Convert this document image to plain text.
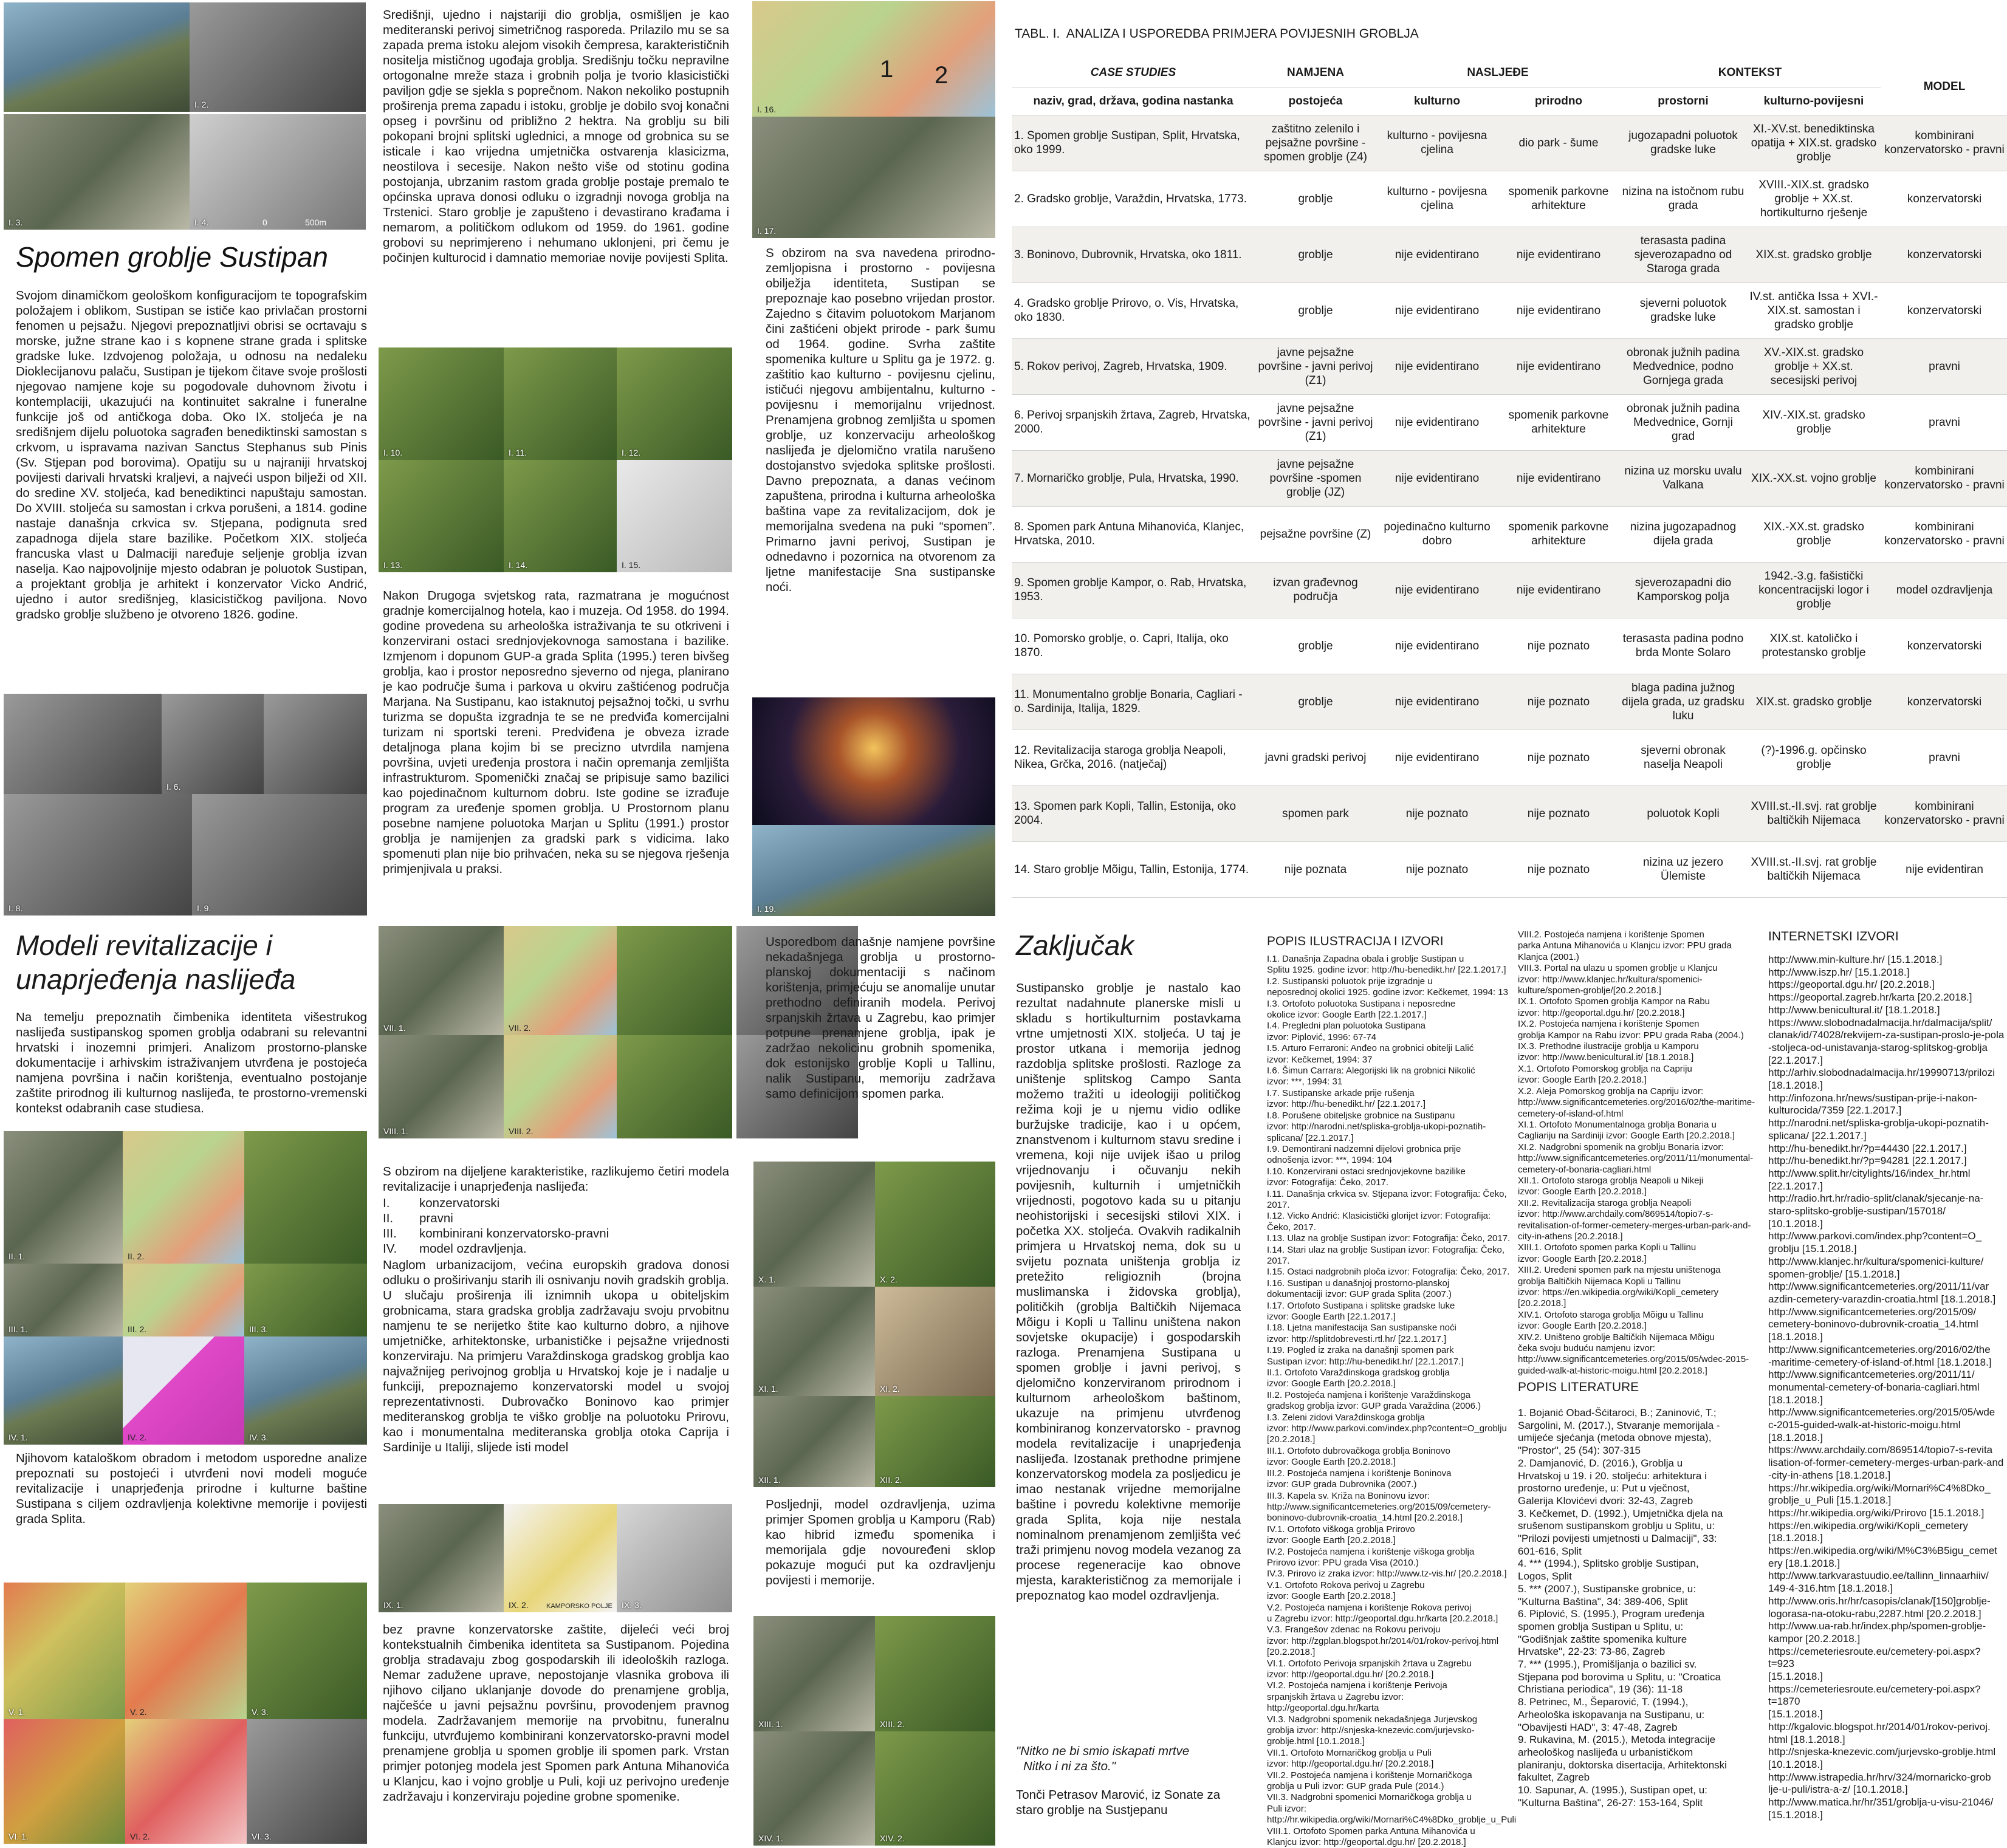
I. 2.
I. 3.	I. 4.	0                500m
Spomen groblje Sustipan
Svojom dinamičkom geološkom konfiguracijom te topografskim položajem i oblikom, Sustipan se ističe kao privlačan prostorni fenomen u pejsažu. Njegovi prepoznatljivi obrisi se ocrtavaju s morske, južne strane kao i s kopnene strane grada i splitske gradske luke. Izdvojenog položaja, u odnosu na nedaleku Dioklecijanovu palaču, Sustipan je tijekom čitave svoje prošlosti njegovao namjene koje su pogodovale duhovnom životu i kontemplaciji, ukazujući na kontinuitet sakralne i funeralne funkcije još od antičkoga doba. Oko IX. stoljeća je na središnjem dijelu poluotoka sagrađen benediktinski samostan s crkvom, u ispravama nazivan Sanctus Stephanus sub Pinis (Sv. Stjepan pod borovima). Opatiju su u najraniji hrvatskoj povijesti darivali hrvatski kraljevi, a najveći uspon bilježi od XII. do sredine XV. stoljeća, kad benediktinci napuštaju samostan. Do XVIII. stoljeća su samostan i crkva porušeni, a 1814. godine nastaje današnja crkvica sv. Stjepana, podignuta sred zapadnoga dijela stare bazilike. Početkom XIX. stoljeća francuska vlast u Dalmaciji naređuje seljenje groblja izvan naselja. Kao najpovoljnije mjesto odabran je poluotok Sustipan, a projektant groblja je arhitekt i konzervator Vicko Andrić, ujedno i autor središnjeg, klasicističkog paviljona. Novo gradsko groblje službeno je otvoreno 1826. godine.
I. 6.
I. 8.	I. 9.
Modeli revitalizacije i
unaprjeđenja naslijeđa
Na temelju prepoznatih čimbenika identiteta višestrukog naslijeđa sustipanskog spomen groblja odabrani su relevantni hrvatski i inozemni primjeri. Analizom prostorno-planske dokumentacije i arhivskim istraživanjem utvrđena je postojeća namjena površina i način korištenja, eventualno postojanje zaštite prirodnog ili kulturnog naslijeđa, te prostorno-vremenski kontekst odabranih case studiesa.
II. 1.	II. 2.
III. 1.	III. 2.	III. 3.
IV. 1.	IV. 2.	IV. 3.
Njihovom kataloškom obradom i metodom usporedne analize prepoznati su postojeći i utvrđeni novi modeli moguće revitalizacije i unaprjeđenja prirodne i kulturne baštine Sustipana s ciljem ozdravljenja kolektivne memorije i povijesti grada Splita.
V. 1.	V. 2.	V. 3.
VI. 1.	VI. 2.	VI. 3.
Središnji, ujedno i najstariji dio groblja, osmišljen je kao mediteranski perivoj simetričnog rasporeda. Prilazilo mu se sa zapada prema istoku alejom visokih čempresa, karakterističnih nositelja mističnog ugođaja groblja. Središnju točku nepravilne ortogonalne mreže staza i grobnih polja je tvorio klasicistički paviljon gdje se sjekla s poprečnom. Nakon nekoliko postupnih proširenja prema zapadu i istoku, groblje je dobilo svoj konačni opseg i površinu od približno 2 hektra. Na groblju su bili pokopani brojni splitski uglednici, a mnoge od grobnica su se isticale i kao vrijedna umjetnička ostvarenja klasicizma, neostilova i secesije. Nakon nešto više od stotinu godina postojanja, ubrzanim rastom grada groblje postaje premalo te općinska uprava donosi odluku o izgradnji novoga groblja na Trstenici. Staro groblje je zapušteno i devastirano krađama i nemarom, a političkom odlukom od 1959. do 1961. godine grobovi su neprimjereno i nehumano uklonjeni, pri čemu je počinjen kulturocid i damnatio memoriae novije povijesti Splita.
I. 10.	I. 11.	I. 12.
I. 13.	I. 14.	I. 15.
Nakon Drugoga svjetskog rata, razmatrana je mogućnost gradnje komercijalnog hotela, kao i muzeja. Od 1958. do 1994. godine provedena su arheološka istraživanja te su otkriveni i konzervirani ostaci srednjovjekovnoga samostana i bazilike. Izmjenom i dopunom GUP-a grada Splita (1995.) teren bivšeg groblja, kao i prostor neposredno sjeverno od njega, planirano je kao područje šuma i parkova u okviru zaštićenog područja Marjana. Na Sustipanu, kao istaknutoj pejsažnoj točki, u svrhu turizma se dopušta izgradnja te se ne predviđa komercijalni turizam ni sportski tereni. Predviđena je obveza izrade detaljnoga plana kojim bi se precizno utvrdila namjena površina, uvjeti uređenja prostora i način opremanja zemljišta infrastrukturom. Spomenički značaj se pripisuje samo bazilici kao pojedinačnom kulturnom dobru. Iste godine se izrađuje program za uređenje spomen groblja. U Prostornom planu posebne namjene poluotoka Marjan u Splitu (1991.) prostor groblja je namijenjen za gradski park s vidicima. Iako spomenuti plan nije bio prihvaćen, neka su se njegova rješenja primjenjivala u praksi.
VII. 1.	VII. 2.
VIII. 1.	VIII. 2.
S obzirom na dijeljene karakteristike, razlikujemo četiri modela revitalizacije i unaprjeđenja naslijeđa:
I.	konzervatorski
II.	pravni
III.	kombinirani konzervatorsko-pravni
IV.	model ozdravljenja.
Naglom urbanizacijom, većina europskih gradova donosi odluku o proširivanju starih ili osnivanju novih gradskih groblja. U slučaju proširenja ili iznimnih ukopa u obiteljskim grobnicama, stara gradska groblja zadržavaju svoju prvobitnu namjenu te se nerijetko štite kao kulturno dobro, a njihove umjetničke, arhitektonske, urbanističke i pejsažne vrijednosti konzerviraju. Na primjeru Varaždinskoga gradskog groblja kao najvažnijeg perivojnog groblja u Hrvatskoj koje je i nadalje u funkciji, prepoznajemo konzervatorski model u svojoj reprezentativnosti. Dubrovačko Boninovo kao primjer mediteranskog groblja te viško groblje na poluotoku Prirovu, kao i monumentalna mediteranska groblja otoka Caprija i Sardinije u Italiji, slijede isti model
IX. 1.	IX. 2.	KAMPORSKO POLJE IX. 3.
bez pravne konzervatorske zaštite, dijeleći veći broj kontekstualnih čimbenika identiteta sa Sustipanom. Pojedina groblja stradavaju zbog gospodarskih ili ideoloških razloga. Nemar zadužene uprave, nepostojanje vlasnika grobova ili njihovo ciljano uklanjanje dovode do prenamjene groblja, najčešće u javni pejsažnu površinu, provodenjem pravnog modela. Zadržavanjem memorije na prvobitnu, funeralnu funkciju, utvrđujemo kombinirani konzervatorsko-pravni model prenamjene groblja u spomen groblje ili spomen park. Vrstan primjer potonjeg modela jest Spomen park Antuna Mihanovića u Klanjcu, kao i vojno groblje u Puli, koji uz perivojno uređenje zadržavaju i konzerviraju pojedine grobne spomenike.
I. 16.
1 2
I. 17.
S obzirom na sva navedena prirodno-zemljopisna i prostorno - povijesna obilježja identiteta, Sustipan se prepoznaje kao posebno vrijedan prostor. Zajedno s čitavim poluotokom Marjanom čini zaštićeni objekt prirode - park šumu od 1964. godine. Svrha zaštite spomenika kulture u Splitu ga je 1972. g. zaštitio kao kulturno - povijesnu cjelinu, ističući njegovu ambijentalnu, kulturno - povijesnu i memorijalnu vrijednost. Prenamjena grobnog zemljišta u spomen groblje, uz konzervaciju arheološkog naslijeđa je djelomično vratila narušeno dostojanstvo svjedoka splitske prošlosti. Davno prepoznata, a danas većinom zapuštena, prirodna i kulturna arheološka baština vape za revitalizacijom, dok je memorijalna svedena na puki “spomen”. Primarno javni perivoj, Sustipan je odnedavno i pozornica na otvorenom za ljetne manifestacije Sna sustipanske noći.
I. 19.
Usporedbom današnje namjene površine nekadašnjega groblja u prostorno-planskoj dokumentaciji s načinom korištenja, primjećuju se anomalije unutar prethodno definiranih modela. Perivoj srpanjskih žrtava u Zagrebu, kao primjer potpune prenamjene groblja, ipak je zadržao nekolicinu grobnih spomenika, dok estonijsko groblje Kopli u Tallinu, nalik Sustipanu, memoriju zadržava samo definicijom spomen parka.
X. 1.	X. 2.
XI. 1.	XI. 2.
XII. 1.	XII. 2.
Posljednji, model ozdravljenja, uzima primjer Spomen groblja u Kamporu (Rab) kao hibrid između spomenika i memorijala gdje novouređeni sklop pokazuje mogući put ka ozdravljenju povijesti i memorije.
XIII. 1.	XIII. 2.
XIV. 1.	XIV. 2.
TABL. I.  ANALIZA I USPOREDBA PRIMJERA POVIJESNIH GROBLJA
CASE STUDIES	NAMJENA	NASLJEĐE		KONTEKST		MODEL
naziv, grad, država, godina nastanka	postojeća	kulturno	prirodno	prostorni	kulturno-povijesni	
1. Spomen groblje Sustipan, Split, Hrvatska, oko 1999.	zaštitno zelenilo i pejsažne površine - spomen groblje (Z4)	kulturno - povijesna cjelina	dio park - šume	jugozapadni poluotok gradske luke	XI.-XV.st. benediktinska opatija + XIX.st. gradsko groblje	kombinirani konzervatorsko - pravni
2. Gradsko groblje, Varaždin, Hrvatska, 1773.	groblje	kulturno - povijesna cjelina	spomenik parkovne arhitekture	nizina na istočnom rubu grada	XVIII.-XIX.st. gradsko groblje + XX.st. hortikulturno rješenje	konzervatorski
3. Boninovo, Dubrovnik, Hrvatska, oko 1811.	groblje	nije evidentirano	nije evidentirano	terasasta padina sjeverozapadno od Staroga grada	XIX.st. gradsko groblje	konzervatorski
4. Gradsko groblje Prirovo, o. Vis, Hrvatska, oko 1830.	groblje	nije evidentirano	nije evidentirano	sjeverni poluotok gradske luke	IV.st. antička Issa + XVI.-XIX.st. samostan i gradsko groblje	konzervatorski
5. Rokov perivoj, Zagreb, Hrvatska, 1909.	javne pejsažne površine - javni perivoj (Z1)	nije evidentirano	nije evidentirano	obronak južnih padina Medvednice, podno Gornjega grada	XV.-XIX.st. gradsko groblje + XX.st. secesijski perivoj	pravni
6. Perivoj srpanjskih žrtava, Zagreb, Hrvatska, 2000.	javne pejsažne površine - javni perivoj (Z1)	nije evidentirano	spomenik parkovne arhitekture	obronak južnih padina Medvednice, Gornji grad	XIV.-XIX.st. gradsko groblje	pravni
7. Mornaričko groblje, Pula, Hrvatska, 1990.	javne pejsažne površine -spomen groblje (JZ)	nije evidentirano	nije evidentirano	nizina uz morsku uvalu Valkana	XIX.-XX.st. vojno groblje	kombinirani konzervatorsko - pravni
8. Spomen park Antuna Mihanovića, Klanjec, Hrvatska, 2010.	pejsažne površine (Z)	pojedinačno kulturno dobro	spomenik parkovne arhitekture	nizina jugozapadnog dijela grada	XIX.-XX.st. gradsko groblje	kombinirani konzervatorsko - pravni
9. Spomen groblje Kampor, o. Rab, Hrvatska, 1953.	izvan građevnog područja	nije evidentirano	nije evidentirano	sjeverozapadni dio Kamporskog polja	1942.-3.g. fašistički koncentracijski logor i groblje	model ozdravljenja
10. Pomorsko groblje, o. Capri, Italija, oko 1870.	groblje	nije evidentirano	nije poznato	terasasta padina podno brda Monte Solaro	XIX.st. katoličko i protestansko groblje	konzervatorski
11. Monumentalno groblje Bonaria, Cagliari - o. Sardinija, Italija, 1829.	groblje	nije evidentirano	nije poznato	blaga padina južnog dijela grada, uz gradsku luku	XIX.st. gradsko groblje	konzervatorski
12. Revitalizacija staroga groblja Neapoli, Nikea, Grčka, 2016. (natječaj)	javni gradski perivoj	nije evidentirano	nije poznato	sjeverni obronak naselja Neapoli	(?)-1996.g. opčinsko groblje	pravni
13. Spomen park Kopli, Tallin, Estonija, oko 2004.	spomen park	nije poznato	nije poznato	poluotok Kopli	XVIII.st.-II.svj. rat groblje baltičkih Nijemaca	kombinirani konzervatorsko - pravni
14. Staro groblje Mõigu, Tallin, Estonija, 1774.	nije poznata	nije poznato	nije poznato	nizina uz jezero Ülemiste	XVIII.st.-II.svj. rat groblje baltičkih Nijemaca	nije evidentiran
Zaključak
Sustipansko groblje je nastalo kao rezultat nadahnute planerske misli u skladu s hortikulturnim postavkama vrtne umjetnosti XIX. stoljeća. U taj je prostor utkana i memorija jednog razdoblja splitske prošlosti. Razloge za uništenje splitskog Campo Santa možemo tražiti u ideologiji političkog režima koji je u njemu vidio odlike buržujske tradicije, kao i u općem, znanstvenom i kulturnom stavu sredine i vremena, koji nije uvijek išao u prilog vrijednovanju i očuvanju nekih povijesnih, kulturnih i umjetničkih vrijednosti, pogotovo kada su u pitanju neohistorijski i secesijski stilovi XIX. i početka XX. stoljeća. Ovakvih radikalnih primjera u Hrvatskoj nema, dok su u svijetu poznata uništenja groblja iz pretežito religioznih (brojna muslimanska i židovska groblja), političkih (groblja Baltičkih Nijemaca Mõigu i Kopli u Tallinu uništena nakon sovjetske okupacije) i gospodarskih razloga. Prenamjena Sustipana u spomen groblje i javni perivoj, s djelomično konzerviranom prirodnom i kulturnom arheološkom baštinom, ukazuje na primjenu utvrđenog kombiniranog konzervatorsko - pravnog modela revitalizacije i unaprjeđenja naslijeđa. Izostanak prethodne primjene konzervatorskog modela za posljedicu je imao nestanak vrijedne memorijalne baštine i povredu kolektivne memorije grada Splita, koja nije nestala nominalnom prenamjenom zemljišta već traži primjenu novog modela vezanog za procese regeneracije kao obnove mjesta, karakterističnog za memorijale i prepoznatog kao model ozdravljenja.
"Nitko ne bi smio iskapati mrtve
Nitko i ni za što."
Tonči Petrasov Marović, iz Sonate za staro groblje na Sustjepanu
POPIS ILUSTRACIJA I IZVORI
I.1. Današnja Zapadna obala i groblje Sustipan u
Splitu 1925. godine izvor: http://hu-benedikt.hr/ [22.1.2017.]
I.2. Sustipanski poluotok prije izgradnje u
neposrednoj okolici 1925. godine izvor: Kečkemet, 1994: 13
I.3. Ortofoto poluotoka Sustipana i neposredne
okolice izvor: Google Earth [22.1.2017.]
I.4. Pregledni plan poluotoka Sustipana
izvor: Piplović, 1996: 67-74
I.5. Arturo Ferraroni: Anđeo na grobnici obitelji Lalić
izvor: Kečkemet, 1994: 37
I.6. Šimun Carrara: Alegorijski lik na grobnici Nikolić
izvor: ***, 1994: 31
I.7. Sustipanske arkade prije rušenja
izvor: http://hu-benedikt.hr/ [22.1.2017.]
I.8. Porušene obiteljske grobnice na Sustipanu
izvor: http://narodni.net/spliska-groblja-ukopi-poznatih-splicana/ [22.1.2017.]
I.9. Demontirani nadzemni dijelovi grobnica prije
odnošenja izvor: ***, 1994: 104
I.10. Konzervirani ostaci srednjovjekovne bazilike
izvor: Fotografija: Čeko, 2017.
I.11. Današnja crkvica sv. Stjepana izvor: Fotografija: Čeko, 2017.
I.12. Vicko Andrić: Klasicistički glorijet izvor: Fotografija: Čeko, 2017.
I.13. Ulaz na groblje Sustipan izvor: Fotografija: Čeko, 2017.
I.14. Stari ulaz na groblje Sustipan izvor: Fotografija: Čeko, 2017.
I.15. Ostaci nadgrobnih ploča izvor: Fotografija: Čeko, 2017.
I.16. Sustipan u današnjoj prostorno-planskoj
dokumentaciji izvor: GUP grada Splita (2007.)
I.17. Ortofoto Sustipana i splitske gradske luke
izvor: Google Earth [22.1.2017.]
I.18. Ljetna manifestacija San sustipanske noći
izvor: http://splitdobrevesti.rtl.hr/ [22.1.2017.]
I.19. Pogled iz zraka na današnji spomen park
Sustipan izvor: http://hu-benedikt.hr/ [22.1.2017.]
II.1. Ortofoto Varaždinskoga gradskog groblja
izvor: Google Earth [20.2.2018.]
II.2. Postojeća namjena i korištenje Varaždinskoga
gradskog groblja izvor: GUP grada Varaždina (2006.)
I.3. Zeleni zidovi Varaždinskoga groblja
izvor: http://www.parkovi.com/index.php?content=O_groblju [20.2.2018.]
III.1. Ortofoto dubrovačkoga groblja Boninovo
izvor: Google Earth [20.2.2018.]
III.2. Postojeća namjena i korištenje Boninova
izvor: GUP grada Dubrovnika (2007.)
III.3. Kapela sv. Križa na Boninovu izvor:
http://www.significantcemeteries.org/2015/09/cemetery-boninovo-dubrovnik-croatia_14.html [20.2.2018.]
IV.1. Ortofoto viškoga groblja Prirovo
izvor: Google Earth [20.2.2018.]
IV.2. Postojeća namjena i korištenje viškoga groblja
Prirovo izvor: PPU grada Visa (2010.)
IV.3. Prirovo iz zraka izvor: http://www.tz-vis.hr/ [20.2.2018.]
V.1. Ortofoto Rokova perivoj u Zagrebu
izvor: Google Earth [20.2.2018.]
V.2. Postojeća namjena i korištenje Rokova perivoj
u Zagrebu izvor: http://geoportal.dgu.hr/karta [20.2.2018.]
V.3. Frangešov zdenac na Rokovu perivoju
izvor: http://zgplan.blogspot.hr/2014/01/rokov-perivoj.html [20.2.2018.]
VI.1. Ortofoto Perivoja srpanjskih žrtava u Zagrebu
izvor: http://geoportal.dgu.hr/ [20.2.2018.]
VI.2. Postojeća namjena i korištenje Perivoja
srpanjskih žrtava u Zagrebu izvor: http://geoportal.dgu.hr/karta
VI.3. Nadgrobni spomenik nekadašnjega Jurjevskog
groblja izvor: http://snjeska-knezevic.com/jurjevsko-groblje.html [10.1.2018.]
VII.1. Ortofoto Mornaričkog groblja u Puli
izvor: http://geoportal.dgu.hr/ [20.2.2018.]
VII.2. Postojeća namjena i korištenje Mornaričkoga
groblja u Puli izvor: GUP grada Pule (2014.)
VII.3. Nadgrobni spomenici Mornaričkoga groblja u
Puli izvor: http://hr.wikipedia.org/wiki/Mornari%C4%8Dko_groblje_u_Puli
VIII.1. Ortofoto Spomen parka Antuna Mihanovića u
Klanjcu izvor: http://geoportal.dgu.hr/ [20.2.2018.]
VIII.2. Postojeća namjena i korištenje Spomen
parka Antuna Mihanovića u Klanjcu izvor: PPU grada Klanjca (2001.)
VIII.3. Portal na ulazu u spomen groblje u Klanjcu
izvor: http://www.klanjec.hr/kultura/spomenici-kulture/spomen-groblje/[20.2.2018.]
IX.1. Ortofoto Spomen groblja Kampor na Rabu
izvor: http://geoportal.dgu.hr/ [20.2.2018.]
IX.2. Postojeća namjena i korištenje Spomen
groblja Kampor na Rabu izvor: PPU grada Raba (2004.)
IX.3. Prethodne ilustracije groblja u Kamporu
izvor: http://www.benicultural.it/ [18.1.2018.]
X.1. Ortofoto Pomorskog groblja na Capriju
izvor: Google Earth [20.2.2018.]
X.2. Aleja Pomorskog groblja na Capriju izvor:
http://www.significantcemeteries.org/2016/02/the-maritime-cemetery-of-island-of.html
XI.1. Ortofoto Monumentalnoga groblja Bonaria u
Cagliariju na Sardiniji izvor: Google Earth [20.2.2018.]
XI.2. Nadgrobni spomenik na groblju Bonaria izvor:
http://www.significantcemeteries.org/2011/11/monumental-cemetery-of-bonaria-cagliari.html
XII.1. Ortofoto staroga groblja Neapoli u Nikeji
izvor: Google Earth [20.2.2018.]
XII.2. Revitalizacija staroga groblja Neapoli
izvor: http://www.archdaily.com/869514/topio7-s-revitalisation-of-former-cemetery-merges-urban-park-and-city-in-athens [20.2.2018.]
XIII.1. Ortofoto spomen parka Kopli u Tallinu
izvor: Google Earth [20.2.2018.]
XIII.2. Uređeni spomen park na mjestu uništenoga
groblja Baltičkih Nijemaca Kopli u Tallinu
izvor: https://en.wikipedia.org/wiki/Kopli_cemetery [20.2.2018.]
XIV.1. Ortofoto staroga groblja Mõigu u Tallinu
izvor: Google Earth [20.2.2018.]
XIV.2. Uništeno groblje Baltičkih Nijemaca Mõigu
čeka svoju buduću namjenu izvor:
http://www.significantcemeteries.org/2015/05/wdec-2015-guided-walk-at-historic-moigu.html [20.2.2018.]
POPIS LITERATURE
1. Bojanić Obad-Šćitaroci, B.; Zaninović, T.;
Sargolini, M. (2017.), Stvaranje memorijala -
umijeće sjećanja (metoda obnove mjesta),
"Prostor", 25 (54): 307-315
2. Damjanović, D. (2016.), Groblja u
Hrvatskoj u 19. i 20. stoljeću: arhitektura i
prostorno uređenje, u: Put u vječnost,
Galerija Klovićevi dvori: 32-43, Zagreb
3. Kečkemet, D. (1992.), Umjetnička djela na
srušenom sustipanskom groblju u Splitu, u:
"Prilozi povijesti umjetnosti u Dalmaciji", 33:
601-616, Split
4. *** (1994.), Splitsko groblje Sustipan,
Logos, Split
5. *** (2007.), Sustipanske grobnice, u:
"Kulturna Baština", 34: 389-406, Split
6. Piplović, S. (1995.), Program uređenja
spomen groblja Sustipan u Splitu, u:
"Godišnjak zaštite spomenika kulture
Hrvatske", 22-23: 73-86, Zagreb
7. *** (1995.), Promišljanja o bazilici sv.
Stjepana pod borovima u Splitu, u: "Croatica
Christiana periodica", 19 (36): 11-18
8. Petrinec, M., Šeparović, T. (1994.),
Arheološka iskopavanja na Sustipanu, u:
"Obavijesti HAD", 3: 47-48, Zagreb
9. Rukavina, M. (2015.), Metoda integracije
arheološkog naslijeđa u urbanističkom
planiranju, doktorska disertacija, Arhitektonski
fakultet, Zagreb
10. Sapunar, A. (1995.), Sustipan opet, u:
"Kulturna Baština", 26-27: 153-164, Split
INTERNETSKI IZVORI
http://www.min-kulture.hr/ [15.1.2018.]
http://www.iszp.hr/ [15.1.2018.]
https://geoportal.dgu.hr/ [20.2.2018.]
https://geoportal.zagreb.hr/karta [20.2.2018.]
http://www.benicultural.it/ [18.1.2018.]
https://www.slobodnadalmacija.hr/dalmacija/split/
clanak/id/74028/rekvijem-za-sustipan-proslo-je-pola
-stoljeca-od-unistavanja-starog-splitskog-groblja
[22.1.2017.]
http://arhiv.slobodnadalmacija.hr/19990713/prilozi
[18.1.2018.]
http://infozona.hr/news/sustipan-prije-i-nakon-
kulturocida/7359 [22.1.2017.]
http://narodni.net/spliska-groblja-ukopi-poznatih-
splicana/ [22.1.2017.]
http://hu-benedikt.hr/?p=44430 [22.1.2017.]
http://hu-benedikt.hr/?p=94281 [22.1.2017.]
http://www.split.hr/citylights/16/index_hr.html
[22.1.2017.]
http://radio.hrt.hr/radio-split/clanak/sjecanje-na-
staro-splitsko-groblje-sustipan/157018/
[10.1.2018.]
http://www.parkovi.com/index.php?content=O_
groblju [15.1.2018.]
http://www.klanjec.hr/kultura/spomenici-kulture/
spomen-groblje/ [15.1.2018.]
http://www.significantcemeteries.org/2011/11/var
azdin-cemetery-varazdin-croatia.html [18.1.2018.]
http://www.significantcemeteries.org/2015/09/
cemetery-boninovo-dubrovnik-croatia_14.html
[18.1.2018.]
http://www.significantcemeteries.org/2016/02/the
-maritime-cemetery-of-island-of.html [18.1.2018.]
http://www.significantcemeteries.org/2011/11/
monumental-cemetery-of-bonaria-cagliari.html
[18.1.2018.]
http://www.significantcemeteries.org/2015/05/wde
c-2015-guided-walk-at-historic-moigu.html
[18.1.2018.]
https://www.archdaily.com/869514/topio7-s-revita
lisation-of-former-cemetery-merges-urban-park-and
-city-in-athens [18.1.2018.]
https://hr.wikipedia.org/wiki/Mornari%C4%8Dko_
groblje_u_Puli [15.1.2018.]
https://hr.wikipedia.org/wiki/Prirovo [15.1.2018.]
https://en.wikipedia.org/wiki/Kopli_cemetery
[18.1.2018.]
https://en.wikipedia.org/wiki/M%C3%B5igu_cemet
ery [18.1.2018.]
http://www.tarkvarastuudio.ee/tallinn_linnaarhiiv/
149-4-316.htm [18.1.2018.]
http://www.oris.hr/hr/casopis/clanak/[150]groblje-
logorasa-na-otoku-rabu,2287.html [20.2.2018.]
http://www.ua-rab.hr/index.php/spomen-groblje-
kampor [20.2.2018.]
https://cemeteriesroute.eu/cemetery-poi.aspx?t=923
[15.1.2018.]
https://cemeteriesroute.eu/cemetery-poi.aspx?t=1870
[15.1.2018.]
http://kgalovic.blogspot.hr/2014/01/rokov-perivoj.
html [18.1.2018.]
http://snjeska-knezevic.com/jurjevsko-groblje.html
[10.1.2018.]
http://www.istrapedia.hr/hrv/324/mornaricko-grob
lje-u-puli/istra-a-z/ [10.1.2018.]
http://www.matica.hr/hr/351/groblja-u-visu-21046/
[15.1.2018.]
